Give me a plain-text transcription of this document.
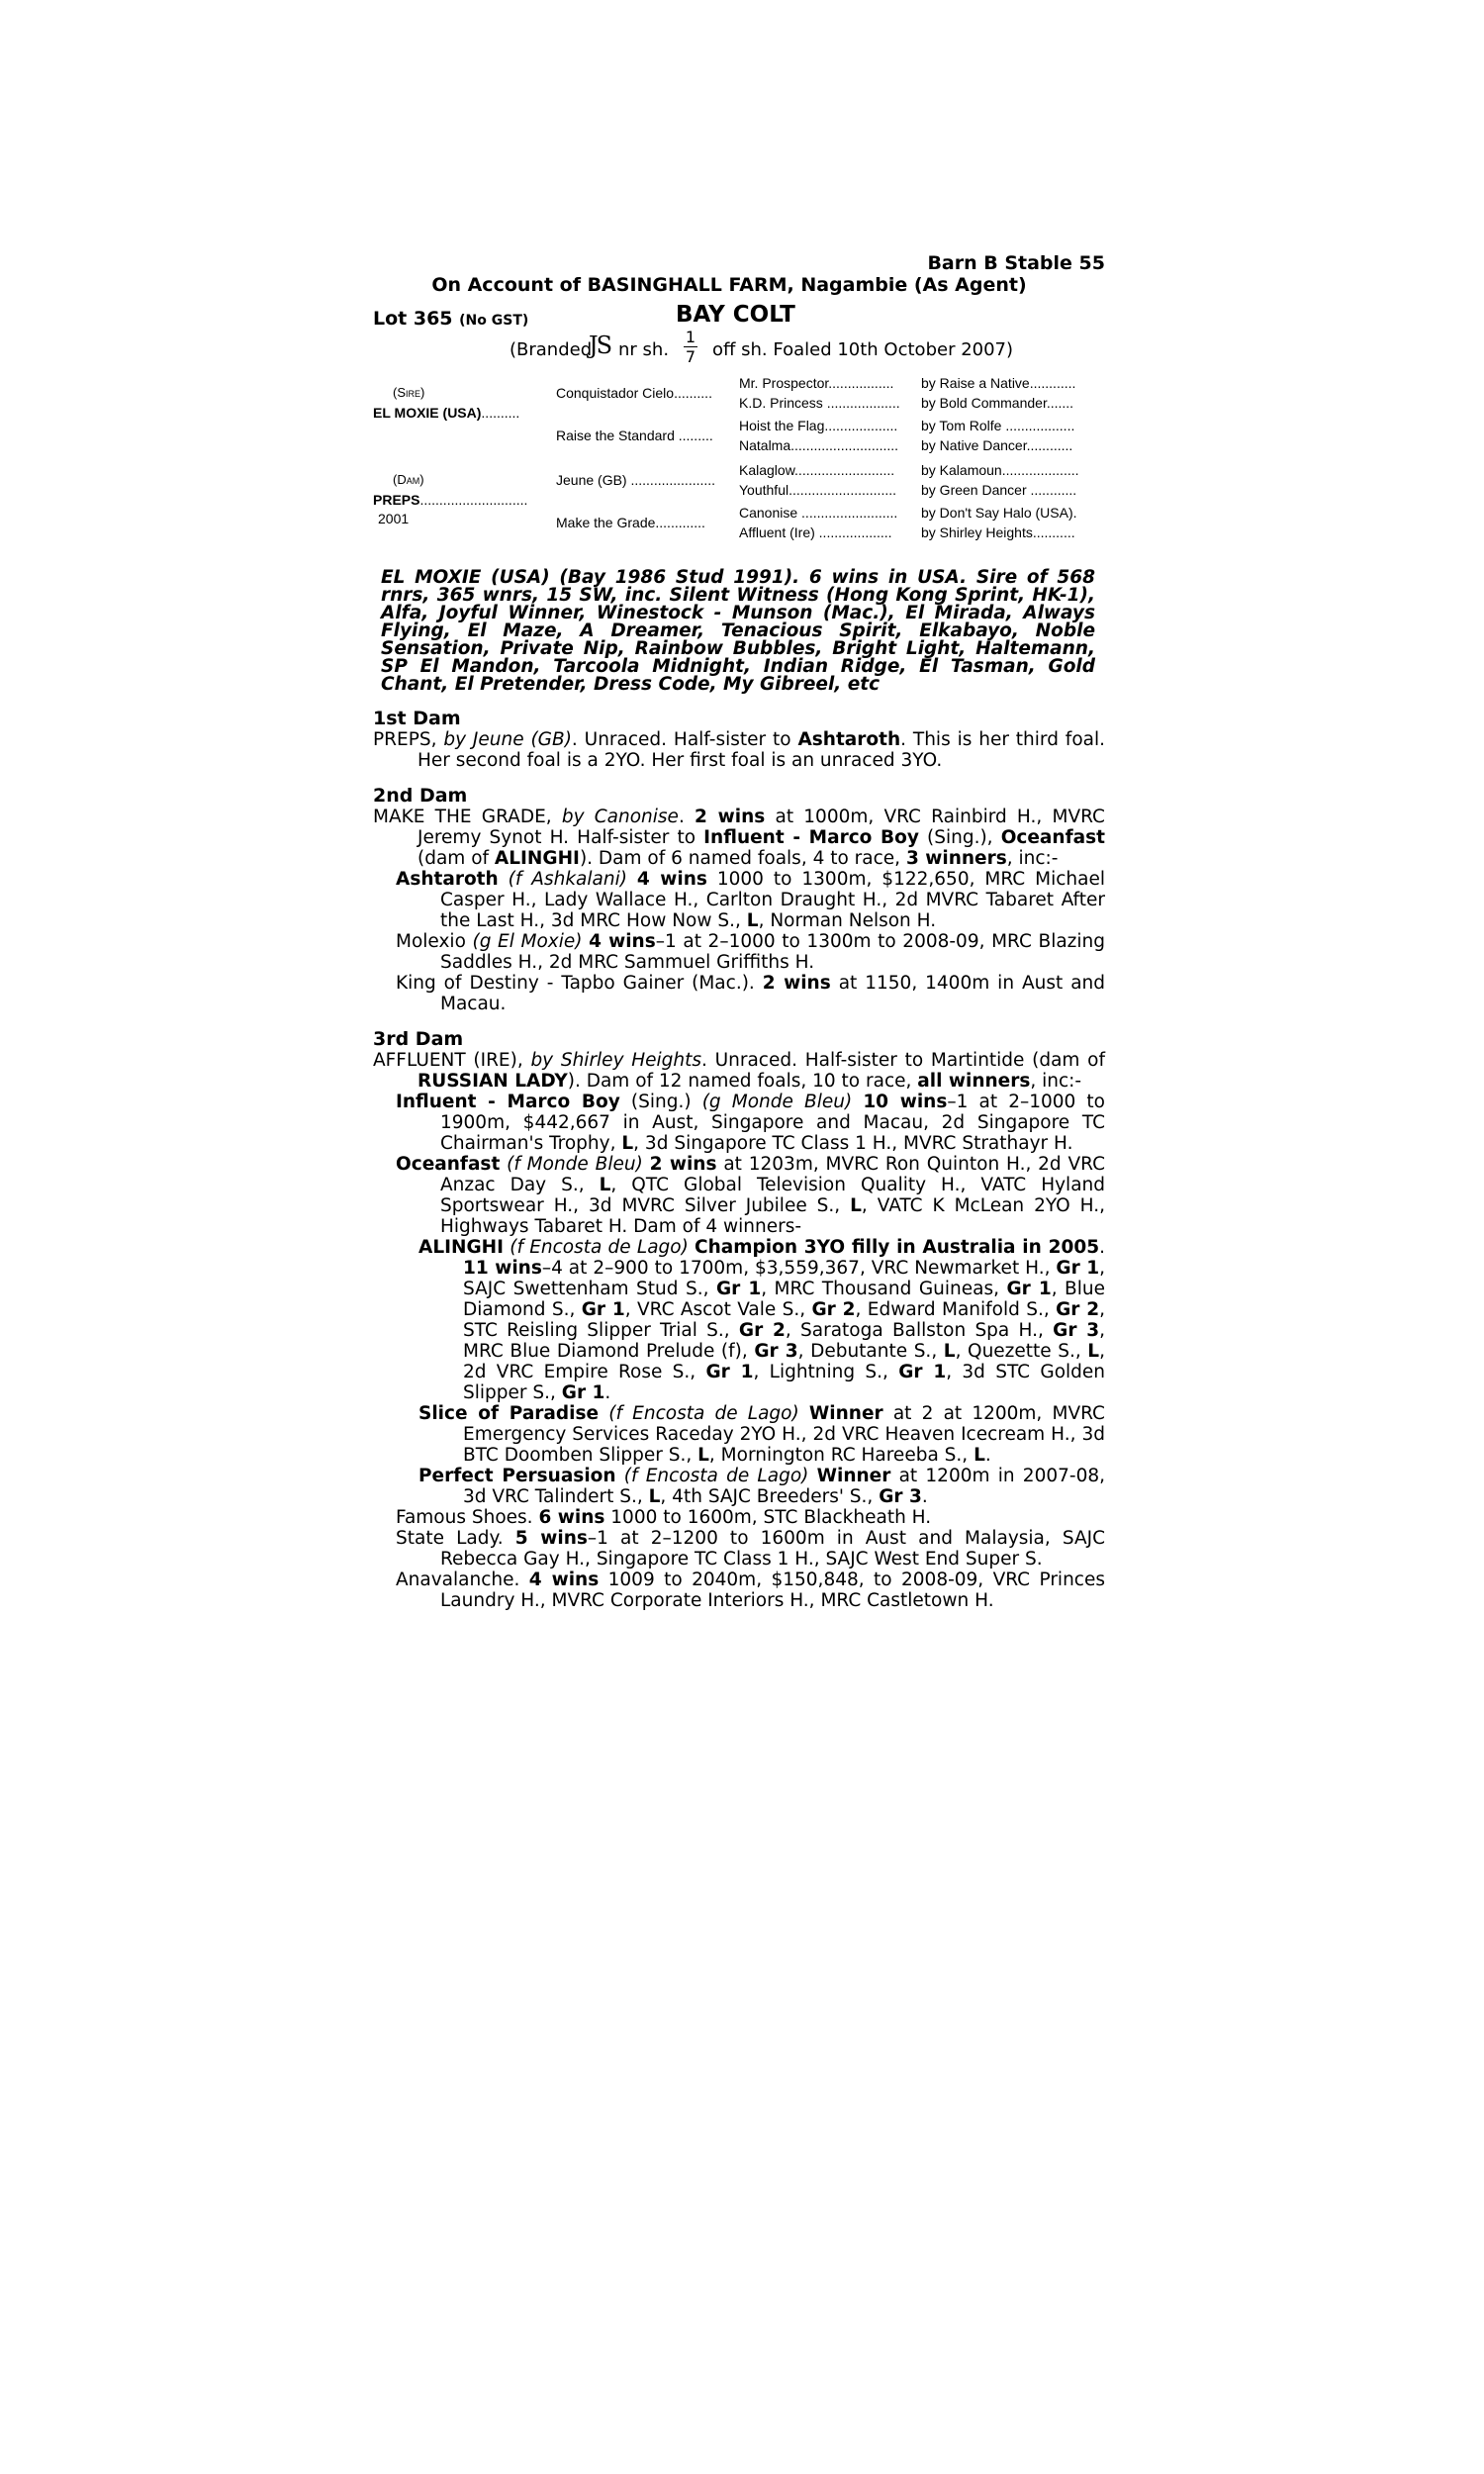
Barn B Stable 55
On Account of BASINGHALL FARM, Nagambie (As Agent)
Lot 365 (No GST)	BAY COLT
(Branded
JS nr sh. $\frac{1}{7}$ off sh. Foaled 10th October 2007)
(Sire)
EL MOXIE (USA)..........
(Dam)
PREPS............................
2001
Conquistador Cielo..........
Raise the Standard .........
Jeune (GB) ......................
Make the Grade.............
Mr. Prospector.................
K.D. Princess ...................
Hoist the Flag...................
Natalma............................
Kalaglow..........................
Youthful............................
Canonise .........................
Affluent (Ire) ...................
by Raise a Native............
by Bold Commander.......
by Tom Rolfe ..................
by Native Dancer............
by Kalamoun....................
by Green Dancer ............
by Don't Say Halo (USA).
by Shirley Heights...........
EL MOXIE (USA) (Bay 1986 Stud 1991). 6 wins in USA. Sire of 568 rnrs, 365 wnrs, 15 SW, inc. Silent Witness (Hong Kong Sprint, HK-1), Alfa, Joyful Winner, Winestock - Munson (Mac.), El Mirada, Always Flying, El Maze, A Dreamer, Tenacious Spirit, Elkabayo, Noble Sensation, Private Nip, Rainbow Bubbles, Bright Light, Haltemann, SP El Mandon, Tarcoola Midnight, Indian Ridge, El Tasman, Gold Chant, El Pretender, Dress Code, My Gibreel, etc
1st Dam
PREPS, by Jeune (GB). Unraced. Half-sister to Ashtaroth. This is her third foal. Her second foal is a 2YO. Her first foal is an unraced 3YO.
2nd Dam
MAKE THE GRADE, by Canonise. 2 wins at 1000m, VRC Rainbird H., MVRC Jeremy Synot H. Half-sister to Influent - Marco Boy (Sing.), Oceanfast (dam of ALINGHI). Dam of 6 named foals, 4 to race, 3 winners, inc:-
Ashtaroth (f Ashkalani) 4 wins 1000 to 1300m, $122,650, MRC Michael Casper H., Lady Wallace H., Carlton Draught H., 2d MVRC Tabaret After the Last H., 3d MRC How Now S., L, Norman Nelson H.
Molexio (g El Moxie) 4 wins–1 at 2–1000 to 1300m to 2008-09, MRC Blazing Saddles H., 2d MRC Sammuel Griffiths H.
King of Destiny - Tapbo Gainer (Mac.). 2 wins at 1150, 1400m in Aust and Macau.
3rd Dam
AFFLUENT (IRE), by Shirley Heights. Unraced. Half-sister to Martintide (dam of RUSSIAN LADY). Dam of 12 named foals, 10 to race, all winners, inc:-
Influent - Marco Boy (Sing.) (g Monde Bleu) 10 wins–1 at 2–1000 to 1900m, $442,667 in Aust, Singapore and Macau, 2d Singapore TC Chairman's Trophy, L, 3d Singapore TC Class 1 H., MVRC Strathayr H.
Oceanfast (f Monde Bleu) 2 wins at 1203m, MVRC Ron Quinton H., 2d VRC Anzac Day S., L, QTC Global Television Quality H., VATC Hyland Sportswear H., 3d MVRC Silver Jubilee S., L, VATC K McLean 2YO H., Highways Tabaret H. Dam of 4 winners-
ALINGHI (f Encosta de Lago) Champion 3YO filly in Australia in 2005. 11 wins–4 at 2–900 to 1700m, $3,559,367, VRC Newmarket H., Gr 1, SAJC Swettenham Stud S., Gr 1, MRC Thousand Guineas, Gr 1, Blue Diamond S., Gr 1, VRC Ascot Vale S., Gr 2, Edward Manifold S., Gr 2, STC Reisling Slipper Trial S., Gr 2, Saratoga Ballston Spa H., Gr 3, MRC Blue Diamond Prelude (f), Gr 3, Debutante S., L, Quezette S., L, 2d VRC Empire Rose S., Gr 1, Lightning S., Gr 1, 3d STC Golden Slipper S., Gr 1.
Slice of Paradise (f Encosta de Lago) Winner at 2 at 1200m, MVRC Emergency Services Raceday 2YO H., 2d VRC Heaven Icecream H., 3d BTC Doomben Slipper S., L, Mornington RC Hareeba S., L.
Perfect Persuasion (f Encosta de Lago) Winner at 1200m in 2007-08, 3d VRC Talindert S., L, 4th SAJC Breeders' S., Gr 3.
Famous Shoes. 6 wins 1000 to 1600m, STC Blackheath H.
State Lady. 5 wins–1 at 2–1200 to 1600m in Aust and Malaysia, SAJC Rebecca Gay H., Singapore TC Class 1 H., SAJC West End Super S.
Anavalanche. 4 wins 1009 to 2040m, $150,848, to 2008-09, VRC Princes Laundry H., MVRC Corporate Interiors H., MRC Castletown H.
